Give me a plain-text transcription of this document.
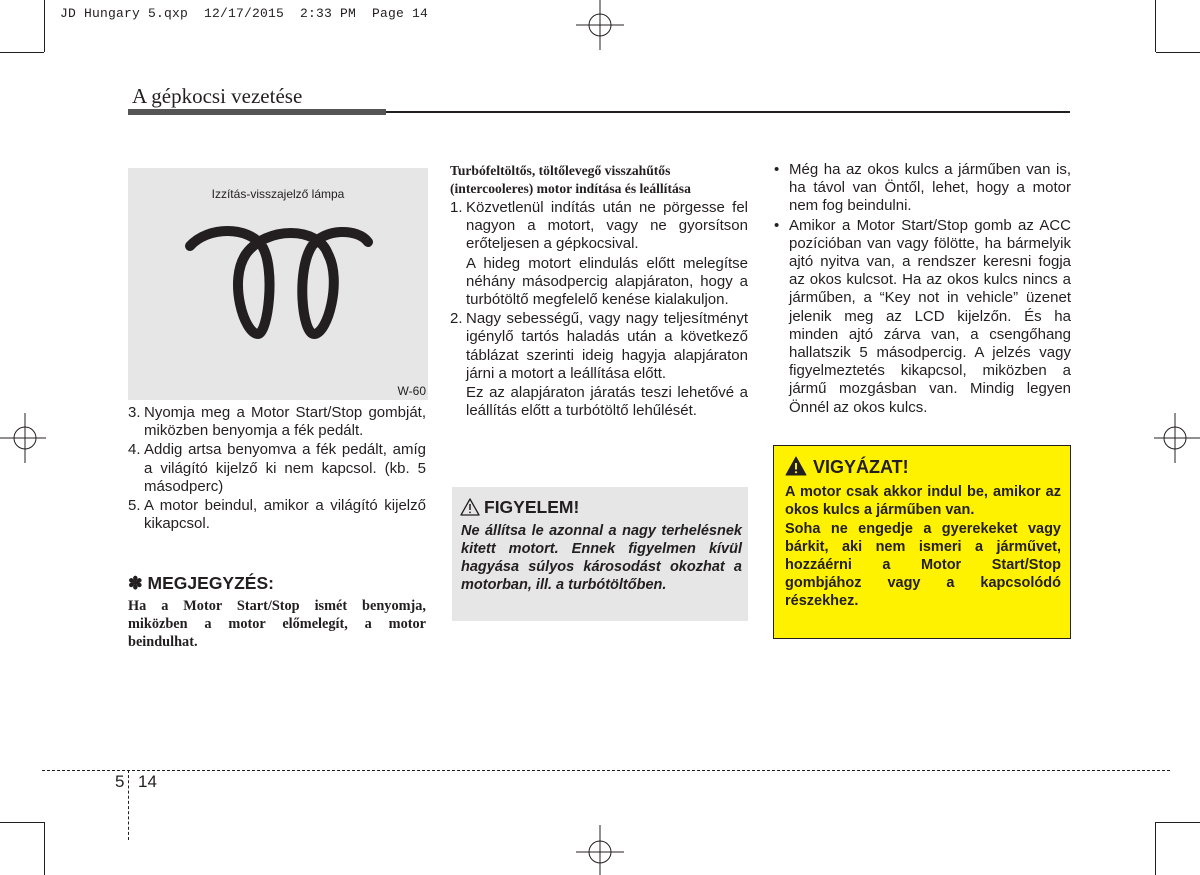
JD Hungary 5.qxp  12/17/2015  2:33 PM  Page 14
A gépkocsi vezetése
Izzítás-visszajelző lámpa
W-60
3. Nyomja meg a Motor Start/Stop gombját, miközben benyomja a fék pedált.
4. Addig artsa benyomva a fék pedált, amíg a világító kijelző ki nem kapcsol. (kb. 5 másodperc)
5. A motor beindul, amikor a világító kijelző kikapcsol.
✽ MEGJEGYZÉS:
Ha a Motor Start/Stop ismét benyomja, miközben a motor előmelegít, a motor beindulhat.
Turbófeltöltős, töltőlevegő visszahűtős (intercooleres) motor indítása és leállítása
1. Közvetlenül indítás után ne pörgesse fel nagyon a motort, vagy ne gyorsítson erőteljesen a gépkocsival.
A hideg motort elindulás előtt melegítse néhány másodpercig alapjáraton, hogy a turbótöltő megfelelő kenése kialakuljon.
2. Nagy sebességű, vagy nagy teljesítményt igénylő tartós haladás után a következő táblázat szerinti ideig hagyja alapjáraton járni a motort a leállítása előtt.
Ez az alapjáraton járatás teszi lehetővé a leállítás előtt a turbótöltő lehűlését.
FIGYELEM!
Ne állítsa le azonnal a nagy terhelésnek kitett motort. Ennek figyelmen kívül hagyása súlyos károsodást okozhat a motorban, ill. a turbótöltőben.
• Még ha az okos kulcs a járműben van is, ha távol van Öntől, lehet, hogy a motor nem fog beindulni.
• Amikor a Motor Start/Stop gomb az ACC pozícióban van vagy fölötte, ha bármelyik ajtó nyitva van, a rendszer keresni fogja az okos kulcsot. Ha az okos kulcs nincs a járműben, a “Key not in vehicle” üzenet jelenik meg az LCD kijelzőn. És ha minden ajtó zárva van, a csengőhang hallatszik 5 másodpercig. A jelzés vagy figyelmeztetés kikapcsol, miközben a jármű mozgásban van. Mindig legyen Önnél az okos kulcs.
VIGYÁZAT!

A motor csak akkor indul be, amikor az okos kulcs a járműben van.

Soha ne engedje a gyerekeket vagy bárkit, aki nem ismeri a járművet, hozzáérni a Motor Start/Stop gombjához vagy a kapcsolódó részekhez.

5 14
